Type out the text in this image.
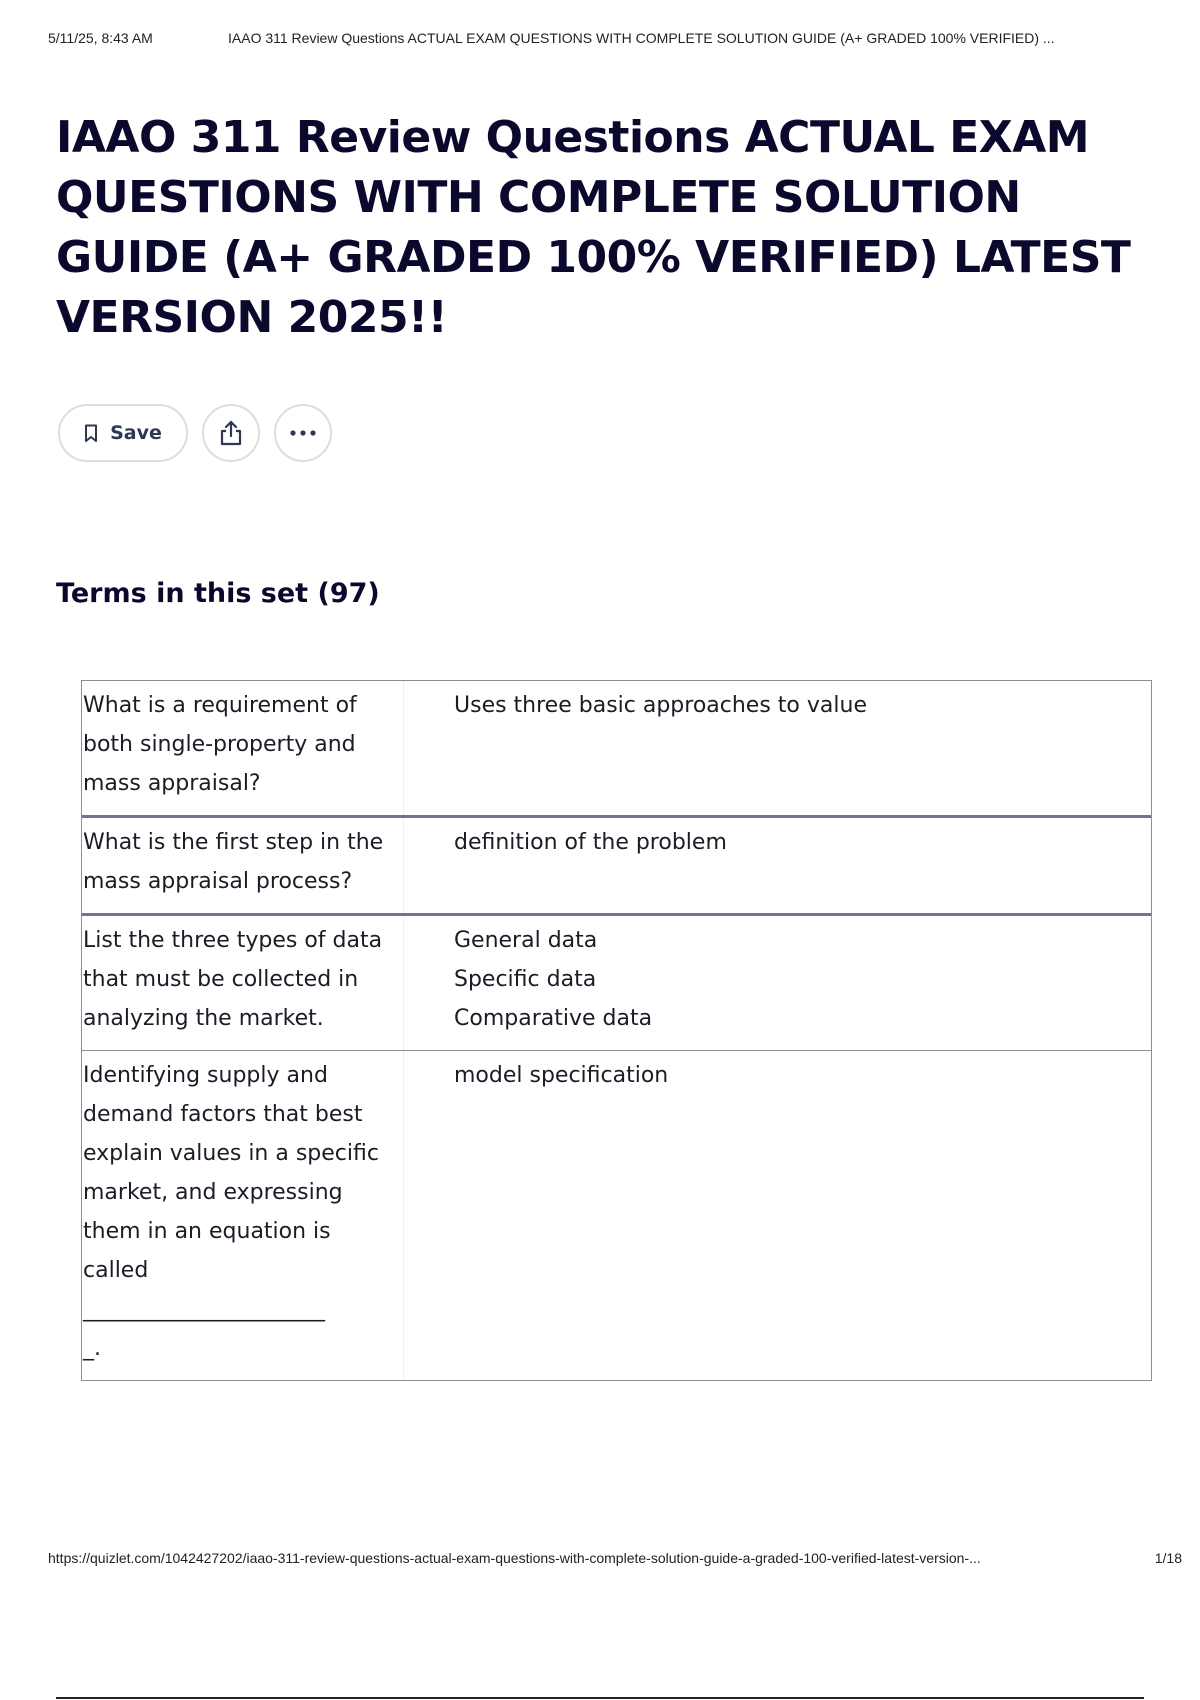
5/11/25, 8:43 AM	IAAO 311 Review Questions ACTUAL EXAM QUESTIONS WITH COMPLETE SOLUTION GUIDE (A+ GRADED 100% VERIFIED) ...
IAAO 311 Review Questions ACTUAL EXAM QUESTIONS WITH COMPLETE SOLUTION GUIDE (A+ GRADED 100% VERIFIED) LATEST VERSION 2025!!
Save
Terms in this set (97)
What is a requirement of
both single-property and
mass appraisal?
Uses three basic approaches to value
What is the first step in the
mass appraisal process?
definition of the problem
List the three types of data
that must be collected in
analyzing the market.
General data
Specific data
Comparative data
Identifying supply and
demand factors that best
explain values in a specific
market, and expressing
them in an equation is
called
______________________
_.
model specification
https://quizlet.com/1042427202/iaao-311-review-questions-actual-exam-questions-with-complete-solution-guide-a-graded-100-verified-latest-version-...	1/18
